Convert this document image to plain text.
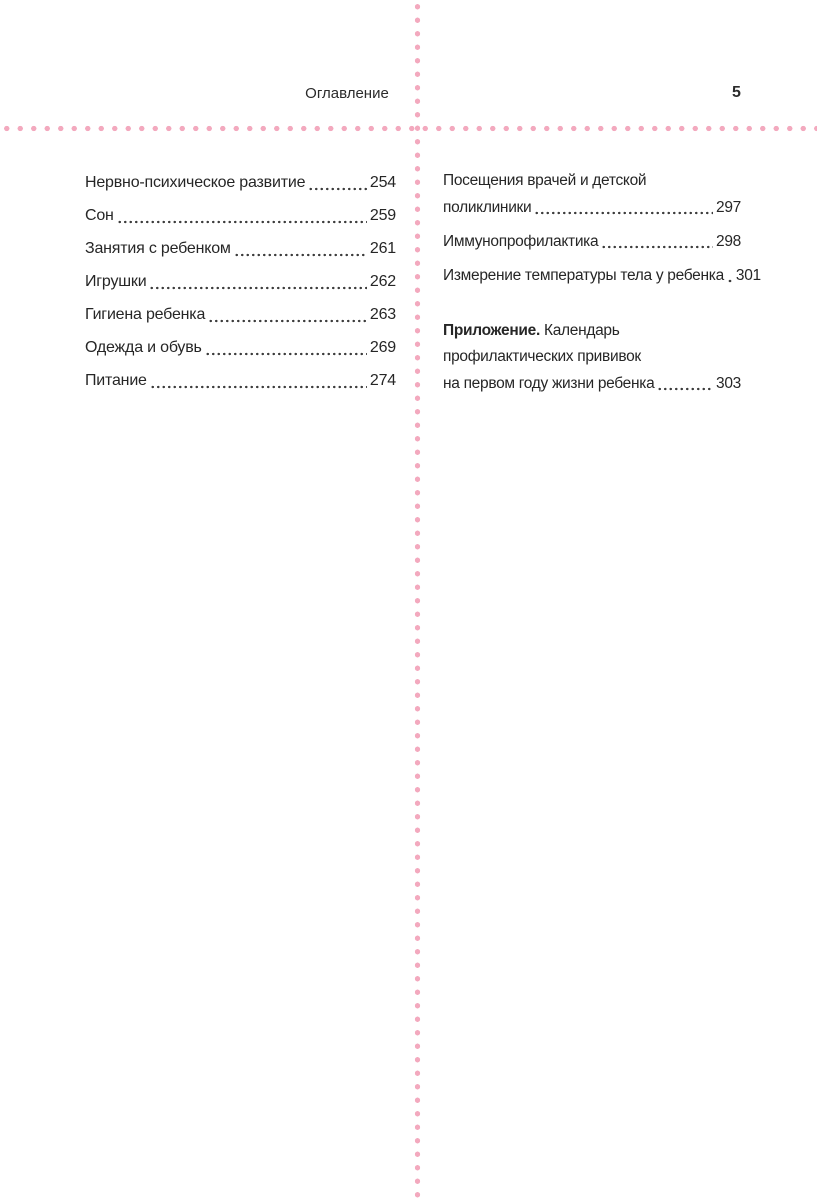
Оглавление	5
Нервно-психическое развитие	254
Сон	259
Занятия с ребенком	261
Игрушки	262
Гигиена ребенка	263
Одежда и обувь	269
Питание	274
Посещения врачей и детской
поликлиники	297
Иммунопрофилактика	298
Измерение температуры тела у ребенка 301
Приложение. Календарь
профилактических прививок
на первом году жизни ребенка	303
